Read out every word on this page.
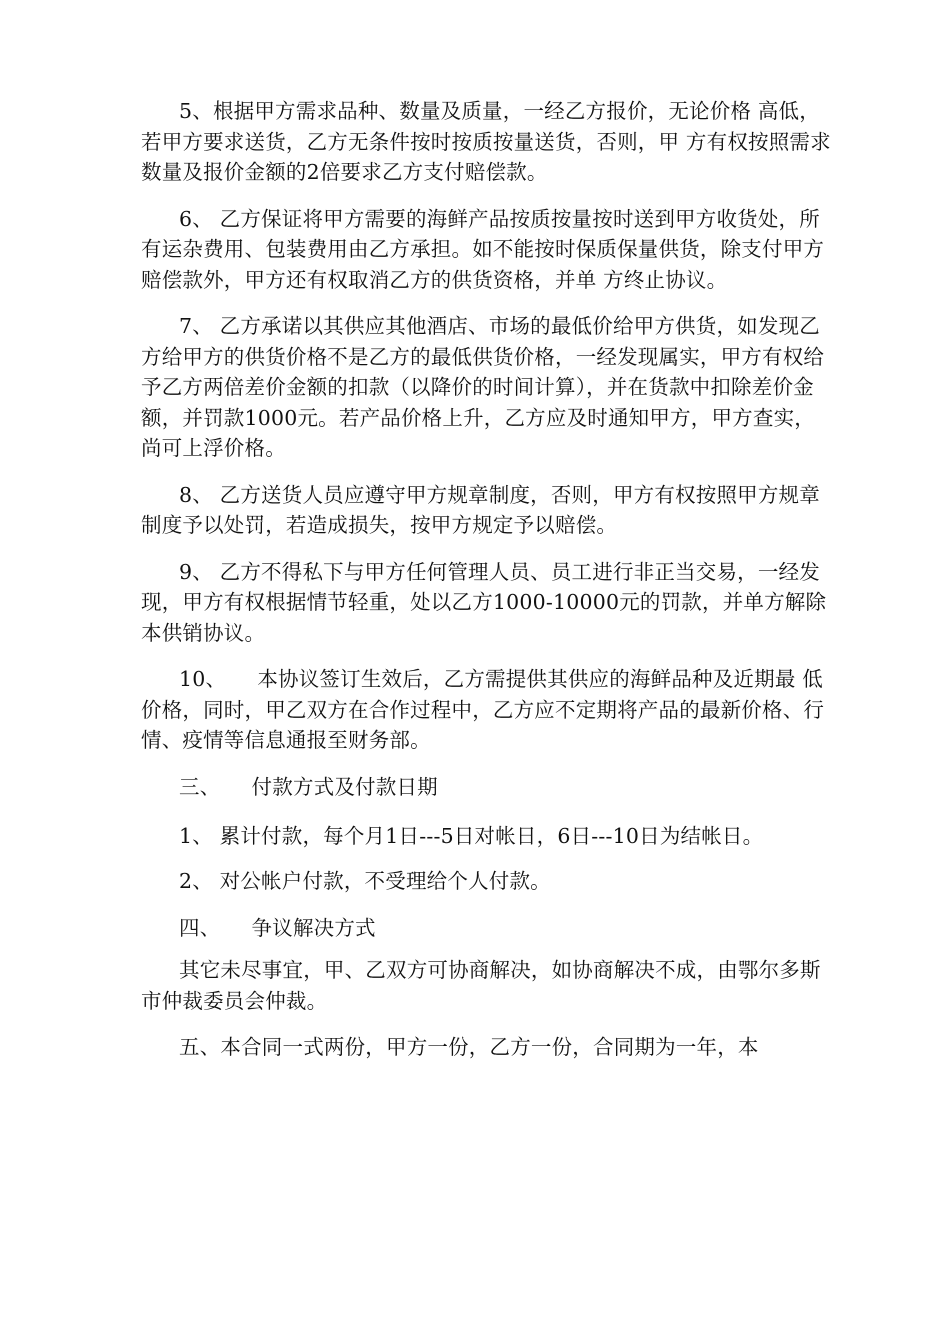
5、根据甲方需求品种、数量及质量，一经乙方报价，无论价格 高低，若甲方要求送货，乙方无条件按时按质按量送货，否则，甲 方有权按照需求数量及报价金额的2倍要求乙方支付赔偿款。

6、 乙方保证将甲方需要的海鲜产品按质按量按时送到甲方收货处，所有运杂费用、包装费用由乙方承担。如不能按时保质保量供货，除支付甲方赔偿款外，甲方还有权取消乙方的供货资格，并单 方终止协议。

7、 乙方承诺以其供应其他酒店、市场的最低价给甲方供货，如发现乙方给甲方的供货价格不是乙方的最低供货价格，一经发现属实，甲方有权给予乙方两倍差价金额的扣款（以降价的时间计算），并在货款中扣除差价金额，并罚款1000元。若产品价格上升，乙方应及时通知甲方，甲方查实，尚可上浮价格。

8、 乙方送货人员应遵守甲方规章制度，否则，甲方有权按照甲方规章制度予以处罚，若造成损失，按甲方规定予以赔偿。

9、 乙方不得私下与甲方任何管理人员、员工进行非正当交易，一经发现，甲方有权根据情节轻重，处以乙方1000-10000元的罚款，并单方解除本供销协议。

10、　　本协议签订生效后，乙方需提供其供应的海鲜品种及近期最 低价格，同时，甲乙双方在合作过程中，乙方应不定期将产品的最新价格、行情、疫情等信息通报至财务部。

三、　　付款方式及付款日期

1、 累计付款，每个月1日---5日对帐日，6日---10日为结帐日。

2、 对公帐户付款，不受理给个人付款。

四、　　争议解决方式

其它未尽事宜，甲、乙双方可协商解决，如协商解决不成，由鄂尔多斯市仲裁委员会仲裁。

五、本合同一式两份，甲方一份，乙方一份，合同期为一年，本
